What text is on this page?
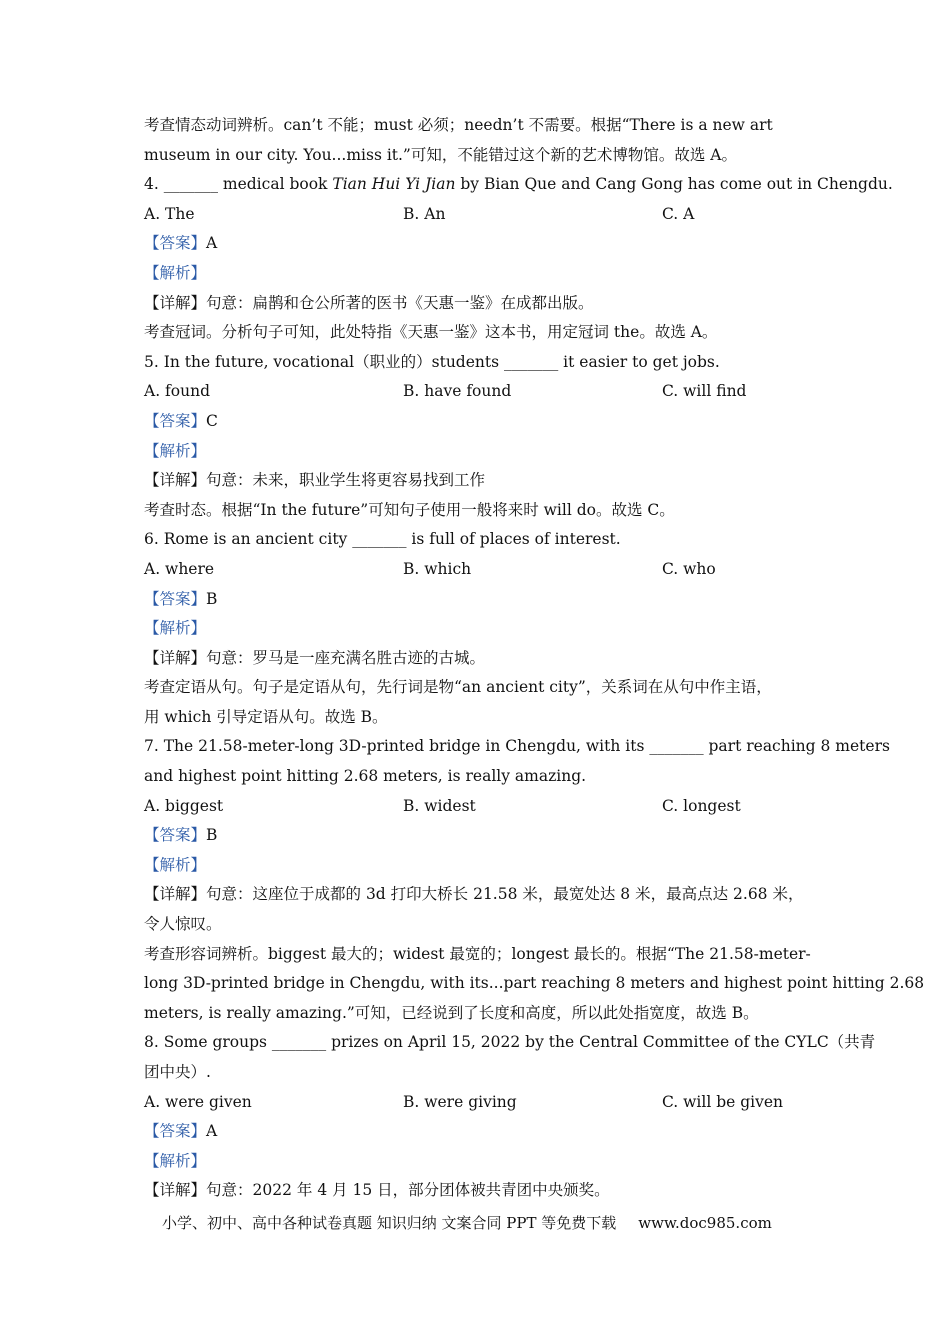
考查情态动词辨析。can’t 不能；must 必须；needn’t 不需要。根据“There is a new art
museum in our city. You...miss it.”可知，不能错过这个新的艺术博物馆。故选 A。
4. _______ medical book Tian Hui Yi Jian by Bian Que and Cang Gong has come out in Chengdu.
A. The	B. An	C. A
【答案】A
【解析】
【详解】句意：扁鹊和仓公所著的医书《天惠一鉴》在成都出版。
考查冠词。分析句子可知，此处特指《天惠一鉴》这本书，用定冠词 the。故选 A。
5. In the future, vocational（职业的）students _______ it easier to get jobs.
A. found	B. have found	C. will find
【答案】C
【解析】
【详解】句意：未来，职业学生将更容易找到工作
考查时态。根据“In the future”可知句子使用一般将来时 will do。故选 C。
6. Rome is an ancient city _______ is full of places of interest.
A. where	B. which	C. who
【答案】B
【解析】
【详解】句意：罗马是一座充满名胜古迹的古城。
考查定语从句。句子是定语从句，先行词是物“an ancient city”，关系词在从句中作主语，
用 which 引导定语从句。故选 B。
7. The 21.58-meter-long 3D-printed bridge in Chengdu, with its _______ part reaching 8 meters
and highest point hitting 2.68 meters, is really amazing.
A. biggest	B. widest	C. longest
【答案】B
【解析】
【详解】句意：这座位于成都的 3d 打印大桥长 21.58 米，最宽处达 8 米，最高点达 2.68 米，
令人惊叹。
考查形容词辨析。biggest 最大的；widest 最宽的；longest 最长的。根据“The 21.58-meter-
long 3D-printed bridge in Chengdu, with its...part reaching 8 meters and highest point hitting 2.68
meters, is really amazing.”可知，已经说到了长度和高度，所以此处指宽度，故选 B。
8. Some groups _______ prizes on April 15, 2022 by the Central Committee of the CYLC（共青
团中央）.
A. were given	B. were giving	C. will be given
【答案】A
【解析】
【详解】句意：2022 年 4 月 15 日，部分团体被共青团中央颁奖。
小学、初中、高中各种试卷真题 知识归纳 文案合同 PPT 等免费下载 www.doc985.com
